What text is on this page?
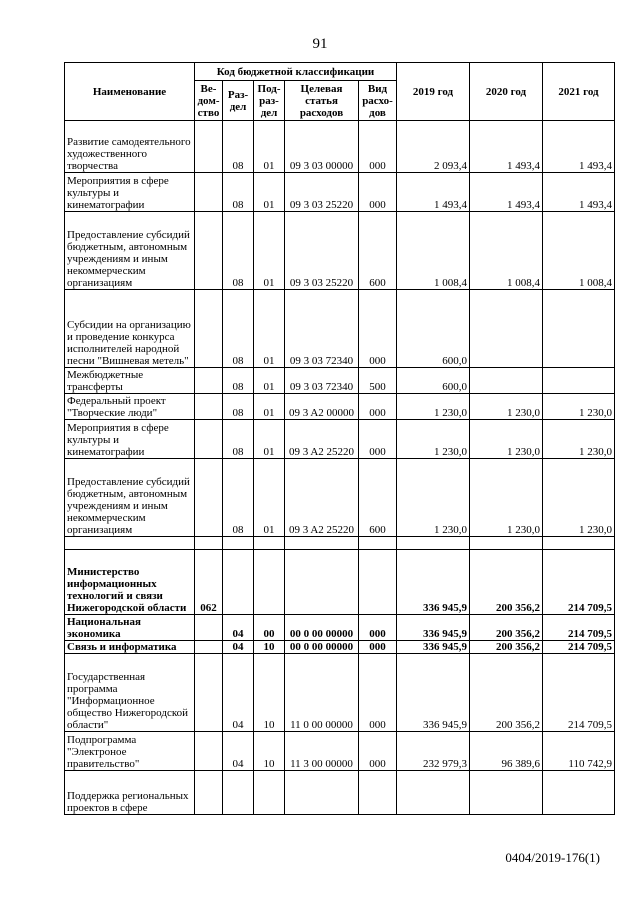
91
Наименование	Код бюджетной классификации					2019 год	2020 год	2021 год
	Ве-дом-ство	Раз-дел	Под-раз-дел	Целевая статья расходов	Вид расхо-дов			
Развитие самодеятельного художественного творчества		08	01	09 3 03 00000	000	2 093,4	1 493,4	1 493,4
Мероприятия в сфере культуры и кинематографии		08	01	09 3 03 25220	000	1 493,4	1 493,4	1 493,4
Предоставление субсидий бюджетным, автономным учреждениям и иным некоммерческим организациям		08	01	09 3 03 25220	600	1 008,4	1 008,4	1 008,4
Субсидии на организацию и проведение конкурса исполнителей народной песни "Вишневая метель"		08	01	09 3 03 72340	000	600,0		
Межбюджетные трансферты		08	01	09 3 03 72340	500	600,0		
Федеральный проект "Творческие люди"		08	01	09 3 A2 00000	000	1 230,0	1 230,0	1 230,0
Мероприятия в сфере культуры и кинематографии		08	01	09 3 A2 25220	000	1 230,0	1 230,0	1 230,0
Предоставление субсидий бюджетным, автономным учреждениям и иным некоммерческим организациям		08	01	09 3 A2 25220	600	1 230,0	1 230,0	1 230,0

Министерство информационных технологий и связи Нижегородской области	062					336 945,9	200 356,2	214 709,5
Национальная экономика		04	00	00 0 00 00000	000	336 945,9	200 356,2	214 709,5
Связь и информатика		04	10	00 0 00 00000	000	336 945,9	200 356,2	214 709,5
Государственная программа "Информационное общество Нижегородской области"		04	10	11 0 00 00000	000	336 945,9	200 356,2	214 709,5
Подпрограмма "Электроное правительство"		04	10	11 3 00 00000	000	232 979,3	96 389,6	110 742,9
Поддержка региональных проектов в сфере								
0404/2019-176(1)
